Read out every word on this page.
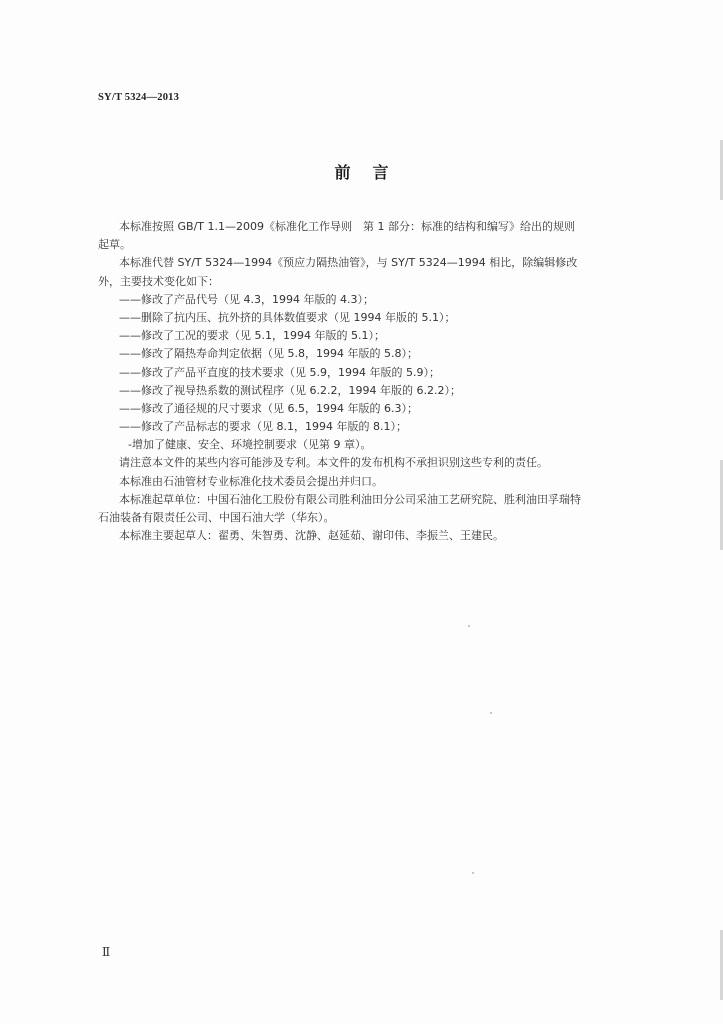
SY/T 5324—2013
前言
本标准按照 GB/T 1.1—2009《标准化工作导则　第 1 部分：标准的结构和编写》给出的规则
起草。
本标准代替 SY/T 5324—1994《预应力隔热油管》，与 SY/T 5324—1994 相比，除编辑修改
外，主要技术变化如下：
——修改了产品代号（见 4.3，1994 年版的 4.3）；
——删除了抗内压、抗外挤的具体数值要求（见 1994 年版的 5.1）；
——修改了工况的要求（见 5.1，1994 年版的 5.1）；
——修改了隔热寿命判定依据（见 5.8，1994 年版的 5.8）；
——修改了产品平直度的技术要求（见 5.9，1994 年版的 5.9）；
——修改了视导热系数的测试程序（见 6.2.2，1994 年版的 6.2.2）；
——修改了通径规的尺寸要求（见 6.5，1994 年版的 6.3）；
——修改了产品标志的要求（见 8.1，1994 年版的 8.1）；
-增加了健康、安全、环境控制要求（见第 9 章）。
请注意本文件的某些内容可能涉及专利。本文件的发布机构不承担识别这些专利的责任。
本标准由石油管材专业标准化技术委员会提出并归口。
本标准起草单位：中国石油化工股份有限公司胜利油田分公司采油工艺研究院、胜利油田孚瑞特
石油装备有限责任公司、中国石油大学（华东）。
本标准主要起草人：翟勇、朱智勇、沈静、赵延茹、谢印伟、李振兰、王建民。
Ⅱ
